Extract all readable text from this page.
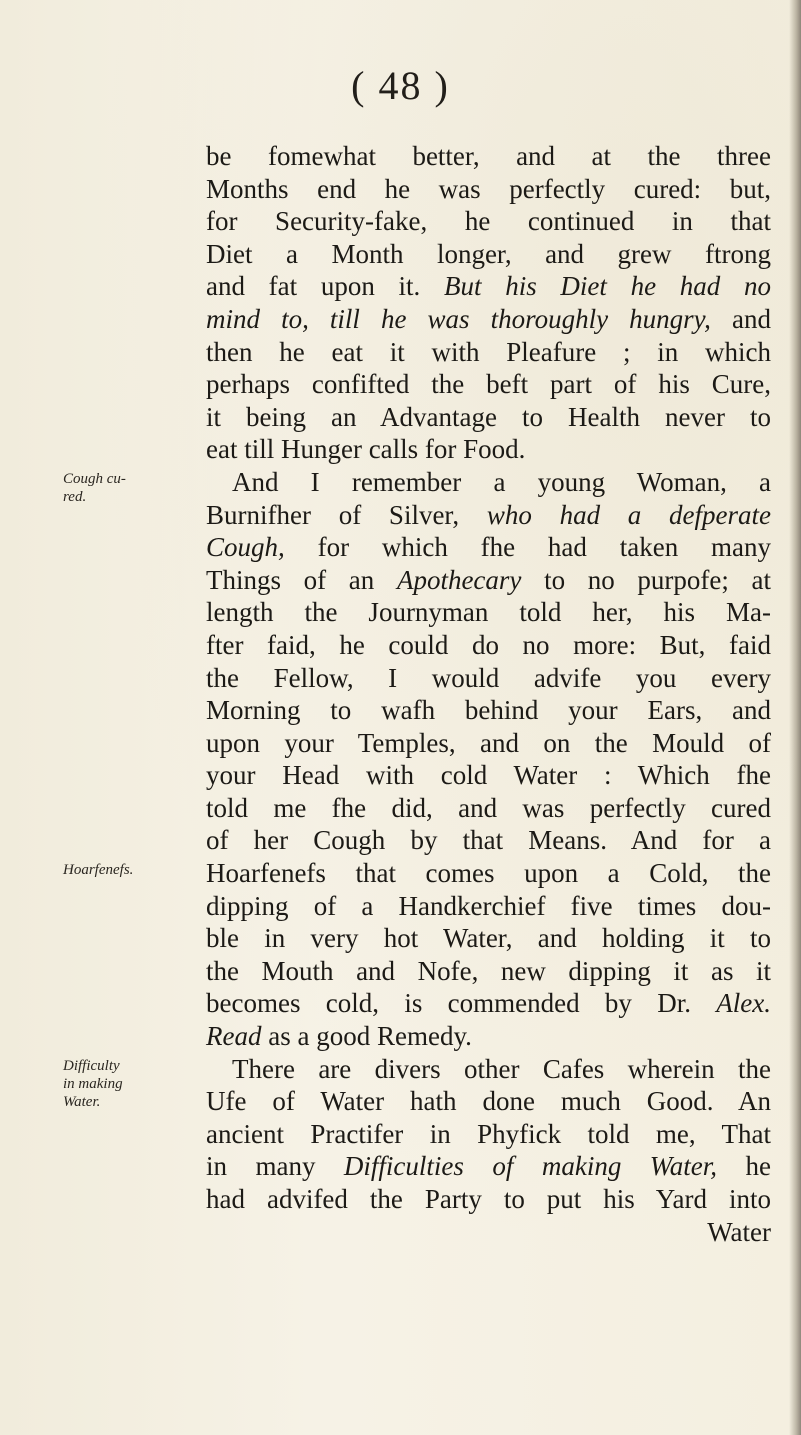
( 48 )
be fomewhat better, and at the three
Months end he was perfectly cured: but,
for Security-fake, he continued in that
Diet a Month longer, and grew ftrong
and fat upon it. But his Diet he had no
mind to, till he was thoroughly hungry, and
then he eat it with Pleafure ; in which
perhaps confifted the beft part of his Cure,
it being an Advantage to Health never to
eat till Hunger calls for Food.
And I remember a young Woman, a
Burnifher of Silver, who had a defperate
Cough, for which fhe had taken many
Things of an Apothecary to no purpofe; at
length the Journyman told her, his Ma-
fter faid, he could do no more: But, faid
the Fellow, I would advife you every
Morning to wafh behind your Ears, and
upon your Temples, and on the Mould of
your Head with cold Water : Which fhe
told me fhe did, and was perfectly cured
of her Cough by that Means. And for a
Hoarfenefs that comes upon a Cold, the
dipping of a Handkerchief five times dou-
ble in very hot Water, and holding it to
the Mouth and Nofe, new dipping it as it
becomes cold, is commended by Dr. Alex.
Read as a good Remedy.
There are divers other Cafes wherein the
Ufe of Water hath done much Good. An
ancient Practifer in Phyfick told me, That
in many Difficulties of making Water, he
had advifed the Party to put his Yard into
Water
Cough cu-
red.
Hoarfenefs.
Difficulty
in making
Water.
